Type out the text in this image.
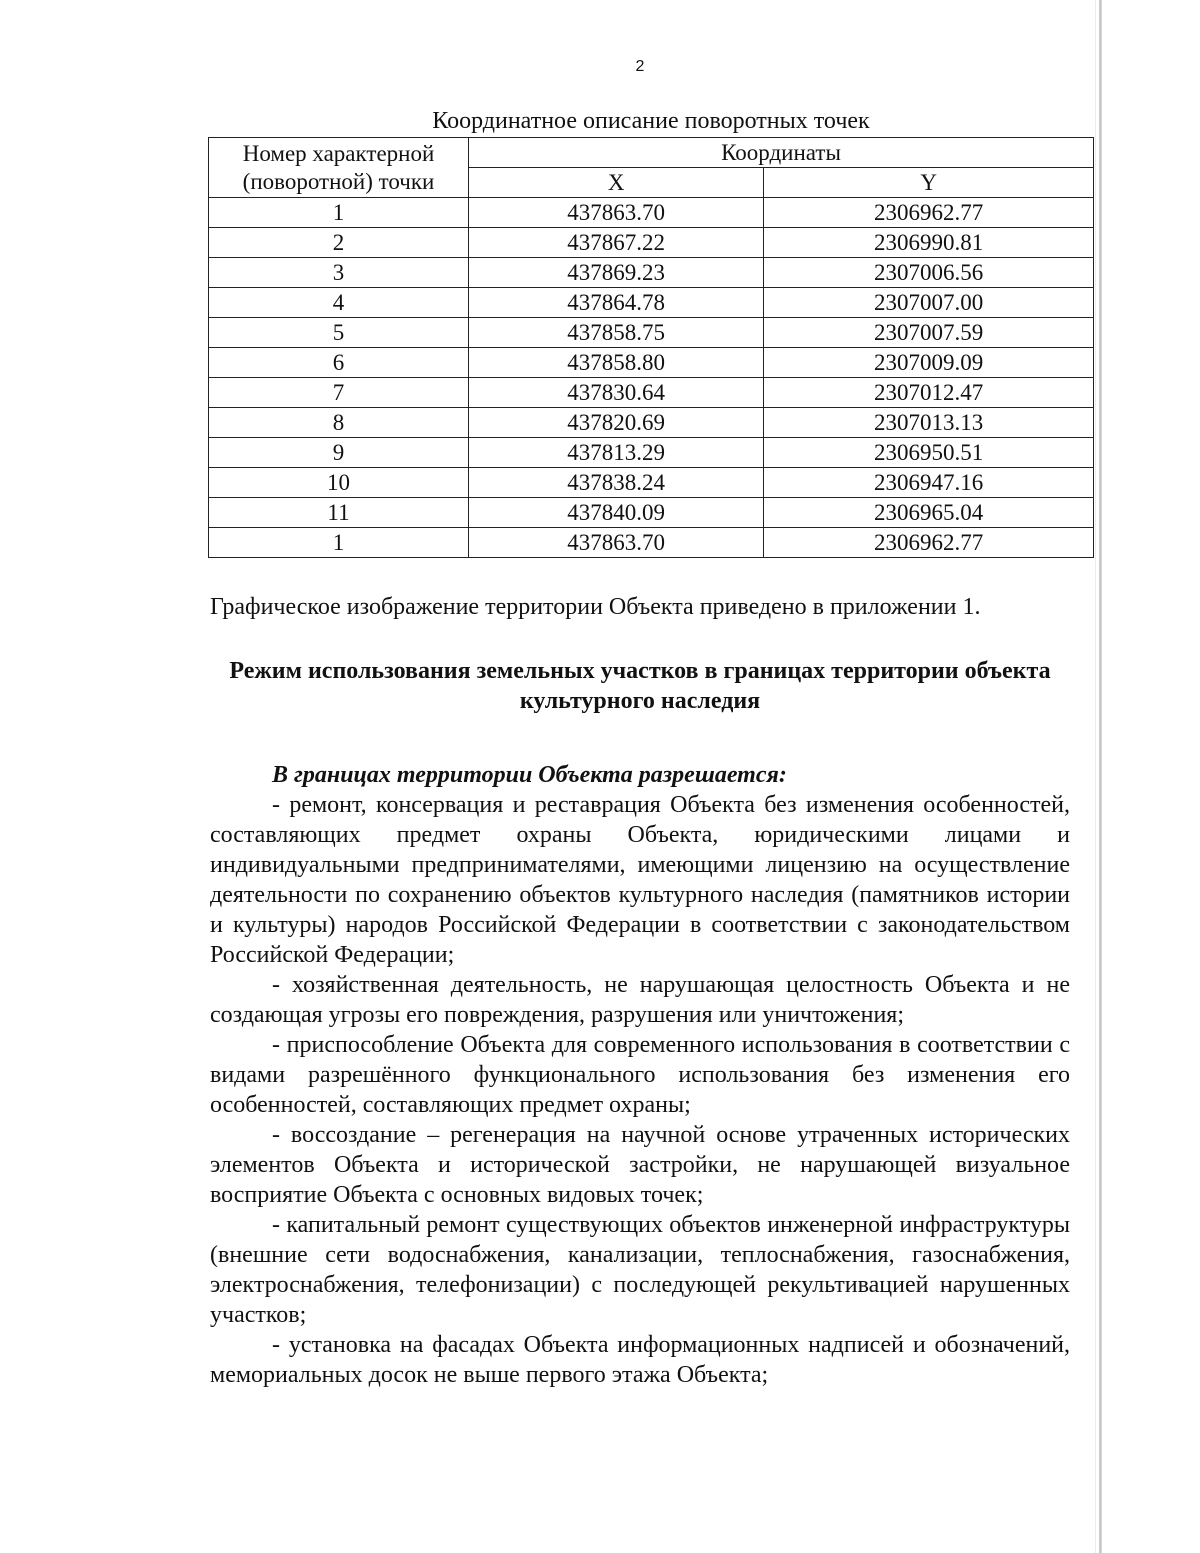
2
Координатное описание поворотных точек
Номер характерной (поворотной) точки	Координаты	
	X	Y
1	437863.70	2306962.77
2	437867.22	2306990.81
3	437869.23	2307006.56
4	437864.78	2307007.00
5	437858.75	2307007.59
6	437858.80	2307009.09
7	437830.64	2307012.47
8	437820.69	2307013.13
9	437813.29	2306950.51
10	437838.24	2306947.16
11	437840.09	2306965.04
1	437863.70	2306962.77

Графическое изображение территории Объекта приведено в приложении 1.

Режим использования земельных участков в границах территории объекта культурного наследия

В границах территории Объекта разрешается:

- ремонт, консервация и реставрация Объекта без изменения особенностей, составляющих предмет охраны Объекта, юридическими лицами и индивидуальными предпринимателями, имеющими лицензию на осуществление деятельности по сохранению объектов культурного наследия (памятников истории и культуры) народов Российской Федерации в соответствии с законодательством Российской Федерации;

- хозяйственная деятельность, не нарушающая целостность Объекта и не создающая угрозы его повреждения, разрушения или уничтожения;

- приспособление Объекта для современного использования в соответствии с видами разрешённого функционального использования без изменения его особенностей, составляющих предмет охраны;

- воссоздание – регенерация на научной основе утраченных исторических элементов Объекта и исторической застройки, не нарушающей визуальное восприятие Объекта с основных видовых точек;

- капитальный ремонт существующих объектов инженерной инфраструктуры (внешние сети водоснабжения, канализации, теплоснабжения, газоснабжения, электроснабжения, телефонизации) с последующей рекультивацией нарушенных участков;

- установка на фасадах Объекта информационных надписей и обозначений, мемориальных досок не выше первого этажа Объекта;
